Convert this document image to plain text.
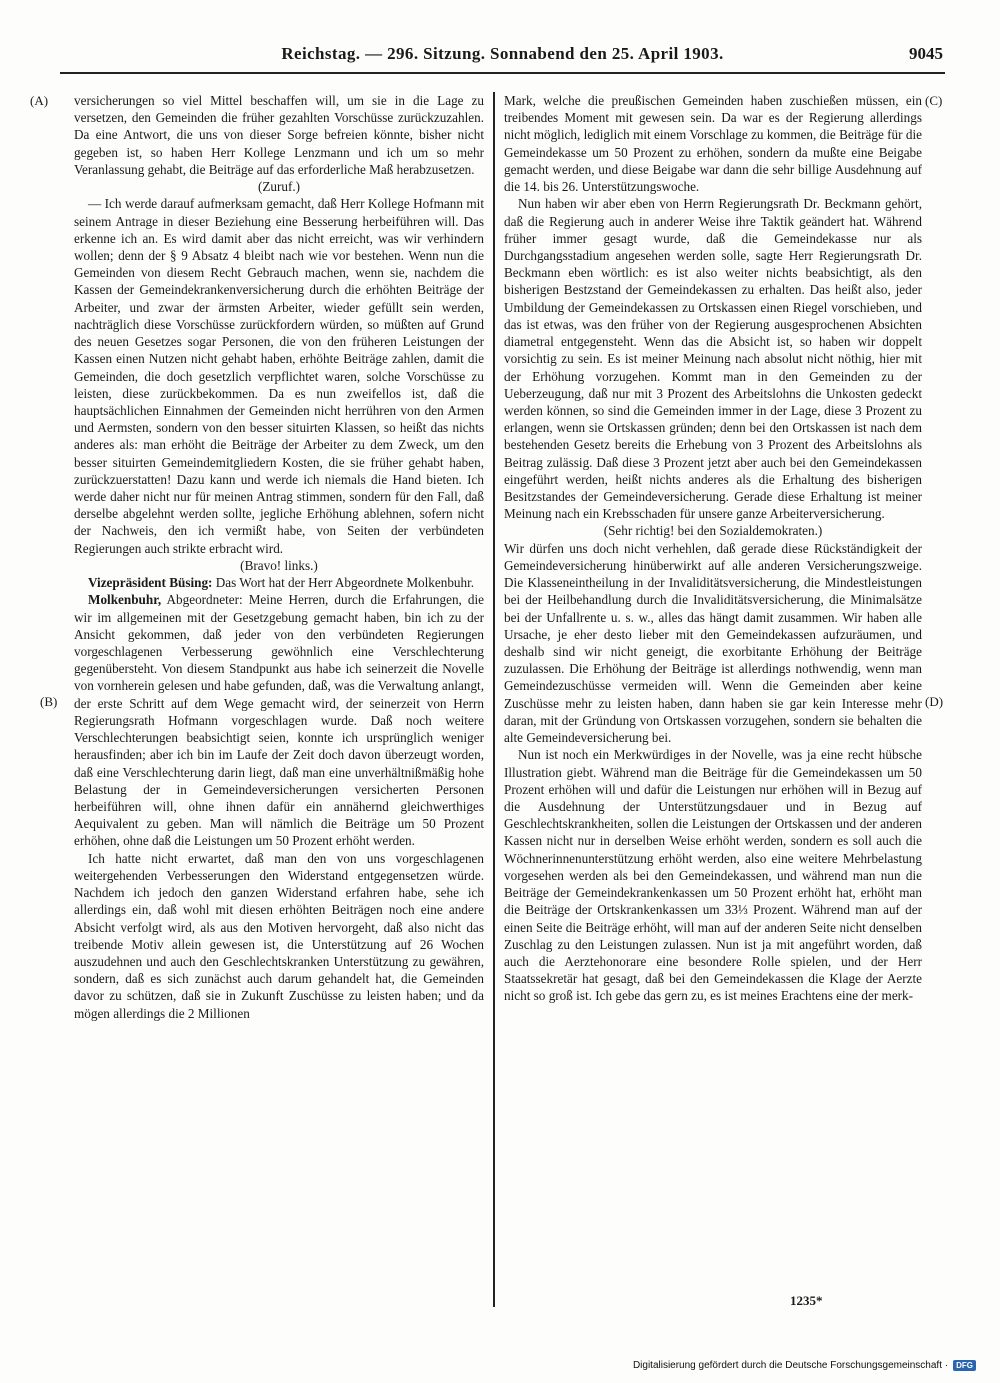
Reichstag. — 296. Sitzung. Sonnabend den 25. April 1903.	9045
(A)
(B)
(C)
(D)

versicherungen so viel Mittel beschaffen will, um sie in die Lage zu versetzen, den Gemeinden die früher gezahlten Vorschüsse zurückzuzahlen. Da eine Antwort, die uns von dieser Sorge befreien könnte, bisher nicht gegeben ist, so haben Herr Kollege Lenzmann und ich um so mehr Veranlassung gehabt, die Beiträge auf das erforderliche Maß herabzusetzen.

(Zuruf.)

— Ich werde darauf aufmerksam gemacht, daß Herr Kollege Hofmann mit seinem Antrage in dieser Beziehung eine Besserung herbeiführen will. Das erkenne ich an. Es wird damit aber das nicht erreicht, was wir verhindern wollen; denn der § 9 Absatz 4 bleibt nach wie vor bestehen. Wenn nun die Gemeinden von diesem Recht Gebrauch machen, wenn sie, nachdem die Kassen der Gemeindekrankenversicherung durch die erhöhten Beiträge der Arbeiter, und zwar der ärmsten Arbeiter, wieder gefüllt sein werden, nachträglich diese Vorschüsse zurückfordern würden, so müßten auf Grund des neuen Gesetzes sogar Personen, die von den früheren Leistungen der Kassen einen Nutzen nicht gehabt haben, erhöhte Beiträge zahlen, damit die Gemeinden, die doch gesetzlich verpflichtet waren, solche Vorschüsse zu leisten, diese zurückbekommen. Da es nun zweifellos ist, daß die hauptsächlichen Einnahmen der Gemeinden nicht herrühren von den Armen und Aermsten, sondern von den besser situirten Klassen, so heißt das nichts anderes als: man erhöht die Beiträge der Arbeiter zu dem Zweck, um den besser situirten Gemeindemitgliedern Kosten, die sie früher gehabt haben, zurückzuerstatten! Dazu kann und werde ich niemals die Hand bieten. Ich werde daher nicht nur für meinen Antrag stimmen, sondern für den Fall, daß derselbe abgelehnt werden sollte, jegliche Erhöhung ablehnen, sofern nicht der Nachweis, den ich vermißt habe, von Seiten der verbündeten Regierungen auch strikte erbracht wird.

(Bravo! links.)

Vizepräsident Büsing: Das Wort hat der Herr Abgeordnete Molkenbuhr.

Molkenbuhr, Abgeordneter: Meine Herren, durch die Erfahrungen, die wir im allgemeinen mit der Gesetzgebung gemacht haben, bin ich zu der Ansicht gekommen, daß jeder von den verbündeten Regierungen vorgeschlagenen Verbesserung gewöhnlich eine Verschlechterung gegenübersteht. Von diesem Standpunkt aus habe ich seinerzeit die Novelle von vornherein gelesen und habe gefunden, daß, was die Verwaltung anlangt, der erste Schritt auf dem Wege gemacht wird, der seinerzeit von Herrn Regierungsrath Hofmann vorgeschlagen wurde. Daß noch weitere Verschlechterungen beabsichtigt seien, konnte ich ursprünglich weniger herausfinden; aber ich bin im Laufe der Zeit doch davon überzeugt worden, daß eine Verschlechterung darin liegt, daß man eine unverhältnißmäßig hohe Belastung der in Gemeindeversicherungen versicherten Personen herbeiführen will, ohne ihnen dafür ein annähernd gleichwerthiges Aequivalent zu geben. Man will nämlich die Beiträge um 50 Prozent erhöhen, ohne daß die Leistungen um 50 Prozent erhöht werden.

Ich hatte nicht erwartet, daß man den von uns vorgeschlagenen weitergehenden Verbesserungen den Widerstand entgegensetzen würde. Nachdem ich jedoch den ganzen Widerstand erfahren habe, sehe ich allerdings ein, daß wohl mit diesen erhöhten Beiträgen noch eine andere Absicht verfolgt wird, als aus den Motiven hervorgeht, daß also nicht das treibende Motiv allein gewesen ist, die Unterstützung auf 26 Wochen auszudehnen und auch den Geschlechtskranken Unterstützung zu gewähren, sondern, daß es sich zunächst auch darum gehandelt hat, die Gemeinden davor zu schützen, daß sie in Zukunft Zuschüsse zu leisten haben; und da mögen allerdings die 2 Millionen

Mark, welche die preußischen Gemeinden haben zuschießen müssen, ein treibendes Moment mit gewesen sein. Da war es der Regierung allerdings nicht möglich, lediglich mit einem Vorschlage zu kommen, die Beiträge für die Gemeindekasse um 50 Prozent zu erhöhen, sondern da mußte eine Beigabe gemacht werden, und diese Beigabe war dann die sehr billige Ausdehnung auf die 14. bis 26. Unterstützungswoche.

Nun haben wir aber eben von Herrn Regierungsrath Dr. Beckmann gehört, daß die Regierung auch in anderer Weise ihre Taktik geändert hat. Während früher immer gesagt wurde, daß die Gemeindekasse nur als Durchgangsstadium angesehen werden solle, sagte Herr Regierungsrath Dr. Beckmann eben wörtlich: es ist also weiter nichts beabsichtigt, als den bisherigen Bestzstand der Gemeindekassen zu erhalten. Das heißt also, jeder Umbildung der Gemeindekassen zu Ortskassen einen Riegel vorschieben, und das ist etwas, was den früher von der Regierung ausgesprochenen Absichten diametral entgegensteht. Wenn das die Absicht ist, so haben wir doppelt vorsichtig zu sein. Es ist meiner Meinung nach absolut nicht nöthig, hier mit der Erhöhung vorzugehen. Kommt man in den Gemeinden zu der Ueberzeugung, daß nur mit 3 Prozent des Arbeitslohns die Unkosten gedeckt werden können, so sind die Gemeinden immer in der Lage, diese 3 Prozent zu erlangen, wenn sie Ortskassen gründen; denn bei den Ortskassen ist nach dem bestehenden Gesetz bereits die Erhebung von 3 Prozent des Arbeitslohns als Beitrag zulässig. Daß diese 3 Prozent jetzt aber auch bei den Gemeindekassen eingeführt werden, heißt nichts anderes als die Erhaltung des bisherigen Besitzstandes der Gemeindeversicherung. Gerade diese Erhaltung ist meiner Meinung nach ein Krebsschaden für unsere ganze Arbeiterversicherung.

(Sehr richtig! bei den Sozialdemokraten.)

Wir dürfen uns doch nicht verhehlen, daß gerade diese Rückständigkeit der Gemeindeversicherung hinüberwirkt auf alle anderen Versicherungszweige. Die Klasseneintheilung in der Invaliditätsversicherung, die Mindestleistungen bei der Heilbehandlung durch die Invaliditätsversicherung, die Minimalsätze bei der Unfallrente u. s. w., alles das hängt damit zusammen. Wir haben alle Ursache, je eher desto lieber mit den Gemeindekassen aufzuräumen, und deshalb sind wir nicht geneigt, die exorbitante Erhöhung der Beiträge zuzulassen. Die Erhöhung der Beiträge ist allerdings nothwendig, wenn man Gemeindezuschüsse vermeiden will. Wenn die Gemeinden aber keine Zuschüsse mehr zu leisten haben, dann haben sie gar kein Interesse mehr daran, mit der Gründung von Ortskassen vorzugehen, sondern sie behalten die alte Gemeindeversicherung bei.

Nun ist noch ein Merkwürdiges in der Novelle, was ja eine recht hübsche Illustration giebt. Während man die Beiträge für die Gemeindekassen um 50 Prozent erhöhen will und dafür die Leistungen nur erhöhen will in Bezug auf die Ausdehnung der Unterstützungsdauer und in Bezug auf Geschlechtskrankheiten, sollen die Leistungen der Ortskassen und der anderen Kassen nicht nur in derselben Weise erhöht werden, sondern es soll auch die Wöchnerinnenunterstützung erhöht werden, also eine weitere Mehrbelastung vorgesehen werden als bei den Gemeindekassen, und während man nun die Beiträge der Gemeindekrankenkassen um 50 Prozent erhöht hat, erhöht man die Beiträge der Ortskrankenkassen um 33⅓ Prozent. Während man auf der einen Seite die Beiträge erhöht, will man auf der anderen Seite nicht denselben Zuschlag zu den Leistungen zulassen. Nun ist ja mit angeführt worden, daß auch die Aerztehonorare eine besondere Rolle spielen, und der Herr Staatssekretär hat gesagt, daß bei den Gemeindekassen die Klage der Aerzte nicht so groß ist. Ich gebe das gern zu, es ist meines Erachtens eine der merk-

1235*
Digitalisierung gefördert durch die Deutsche Forschungsgemeinschaft ·	DFG
